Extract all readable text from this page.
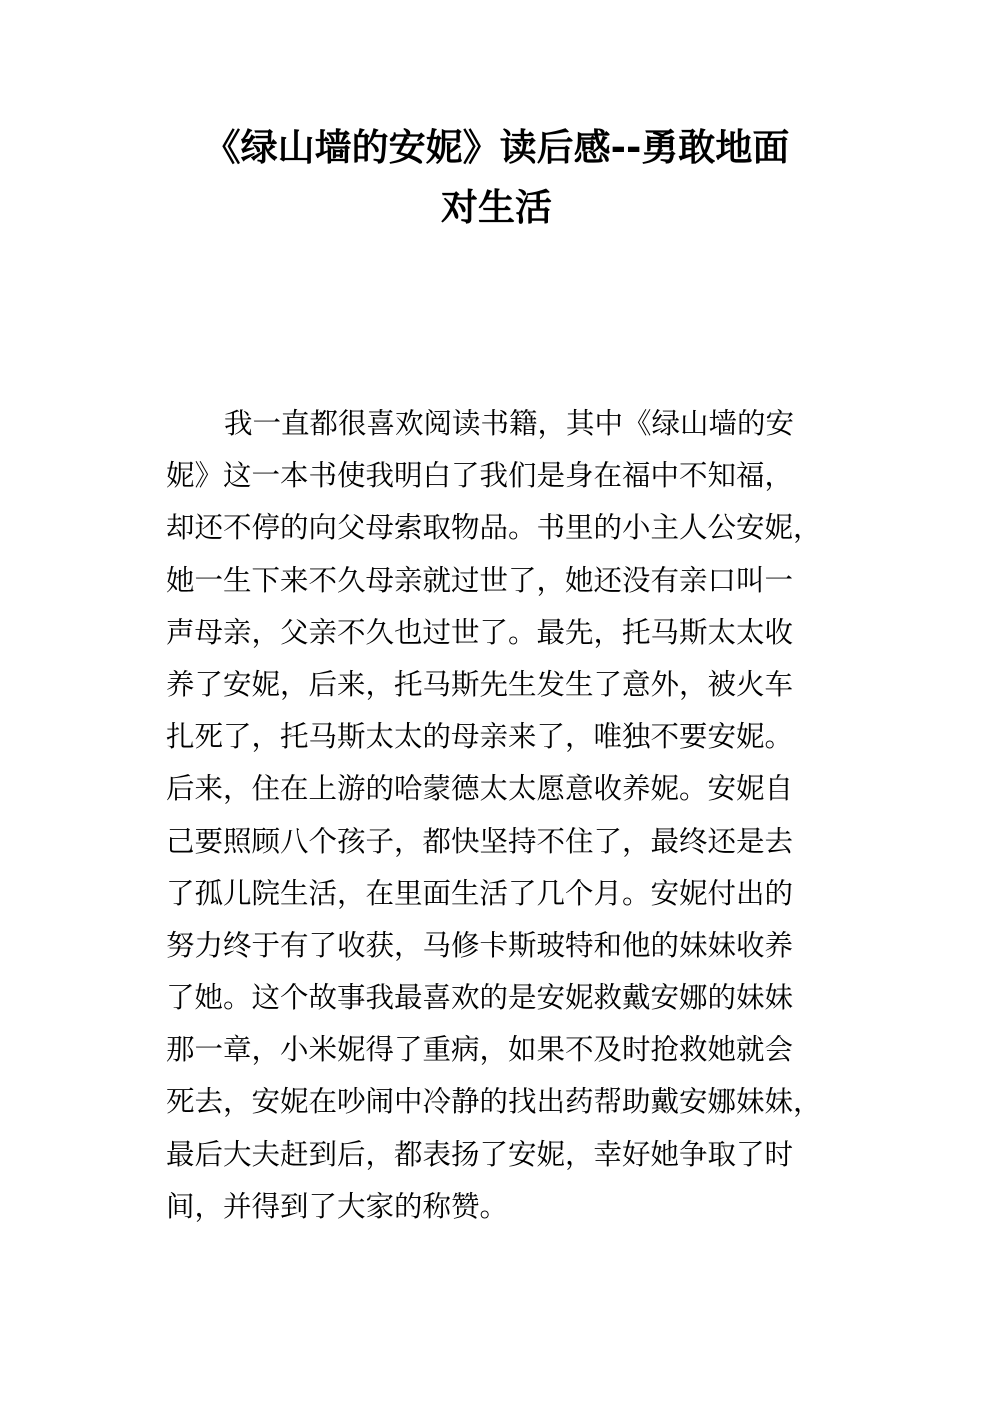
《绿山墙的安妮》读后感--勇敢地面
对生活
我一直都很喜欢阅读书籍，其中《绿山墙的安
妮》这一本书使我明白了我们是身在福中不知福，
却还不停的向父母索取物品。书里的小主人公安妮，
她一生下来不久母亲就过世了，她还没有亲口叫一
声母亲，父亲不久也过世了。最先，托马斯太太收
养了安妮，后来，托马斯先生发生了意外，被火车
扎死了，托马斯太太的母亲来了，唯独不要安妮。
后来，住在上游的哈蒙德太太愿意收养妮。安妮自
己要照顾八个孩子，都快坚持不住了，最终还是去
了孤儿院生活，在里面生活了几个月。安妮付出的
努力终于有了收获，马修卡斯玻特和他的妹妹收养
了她。这个故事我最喜欢的是安妮救戴安娜的妹妹
那一章，小米妮得了重病，如果不及时抢救她就会
死去，安妮在吵闹中冷静的找出药帮助戴安娜妹妹，
最后大夫赶到后，都表扬了安妮，幸好她争取了时
间，并得到了大家的称赞。
